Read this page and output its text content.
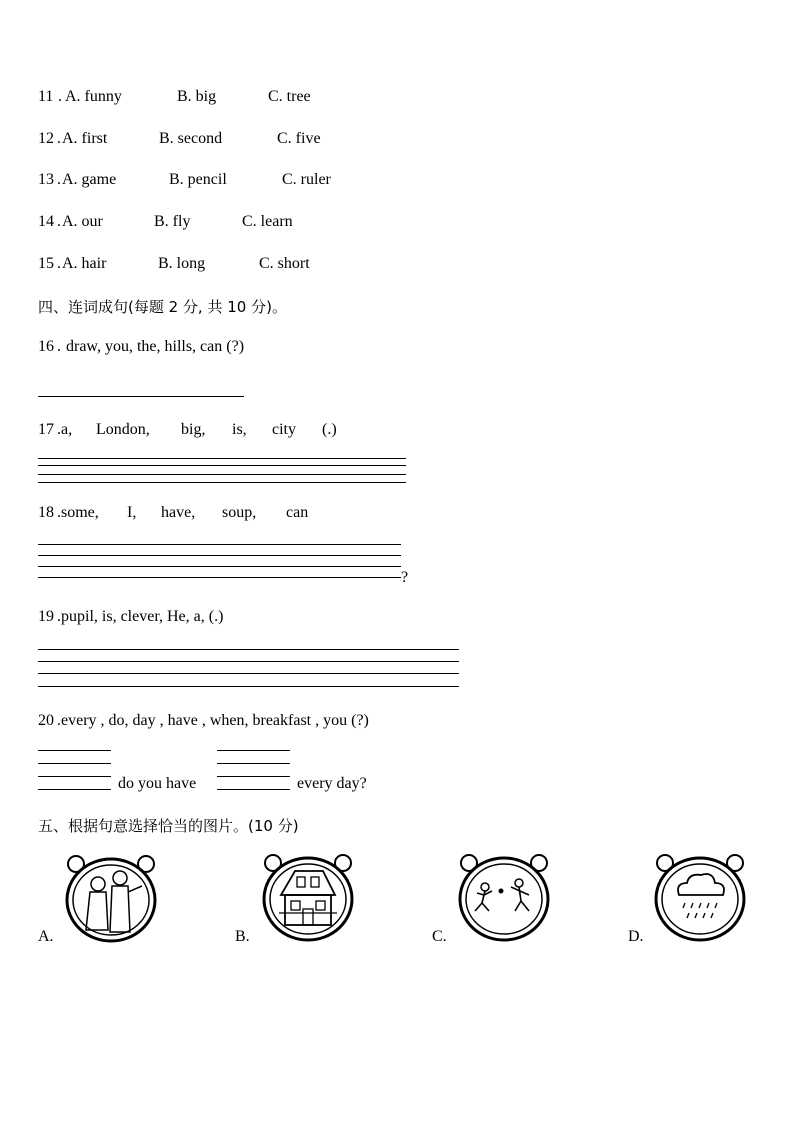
11 . A. funny	B. big	C. tree
12 . A. first	B. second	C. five
13 . A. game	B. pencil	C. ruler
14 . A. our	B. fly	C. learn
15 . A. hair	B. long	C. short
四、连词成句(每题 2 分, 共 10 分)。
16 . draw, you, the, hills, can (?)
17 . a, London, big, is, city (.)
18 . some, I, have, soup, can
?
19 . pupil, is, clever, He, a, (.)
20 . every , do, day , have , when, breakfast , you (?)
do you have	every day?
五、根据句意选择恰当的图片。(10 分)
A.	B.	C.	D.
